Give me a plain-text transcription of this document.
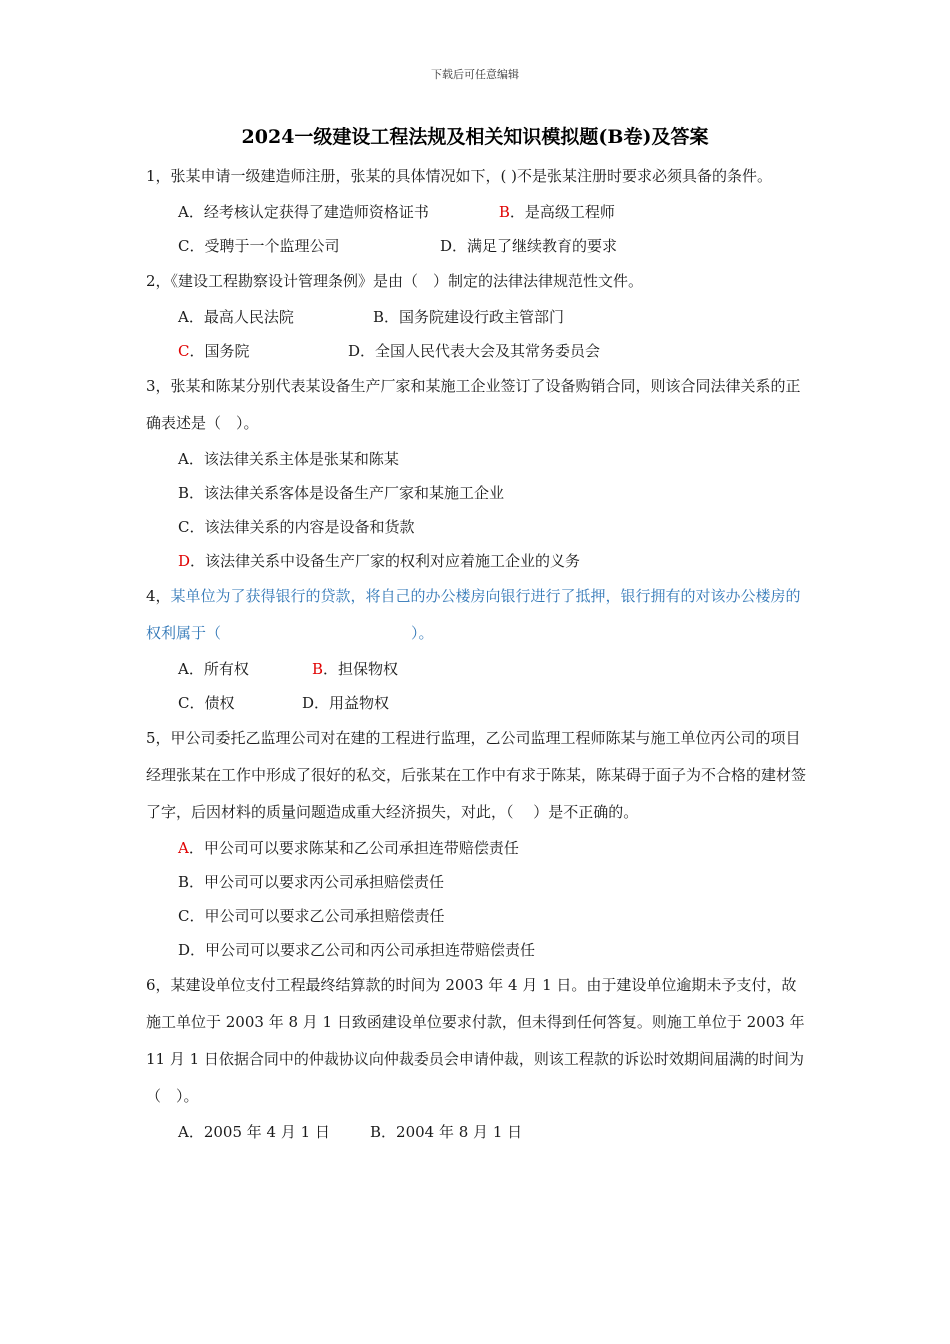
下载后可任意编辑
2024一级建设工程法规及相关知识模拟题(B卷)及答案

1，张某申请一级建造师注册，张某的具体情况如下，( )不是张某注册时要求必须具备的条件。

A．经考核认定获得了建造师资格证书	B．是高级工程师
C．受聘于一个监理公司	D．满足了继续教育的要求

2，《建设工程勘察设计管理条例》是由（　）制定的法律法律规范性文件。

A．最高人民法院	B．国务院建设行政主管部门
C．国务院	D．全国人民代表大会及其常务委员会

3，张某和陈某分别代表某设备生产厂家和某施工企业签订了设备购销合同，则该合同法律关系的正确表述是（　）。

A．该法律关系主体是张某和陈某
B．该法律关系客体是设备生产厂家和某施工企业
C．该法律关系的内容是设备和货款
D．该法律关系中设备生产厂家的权利对应着施工企业的义务

4，某单位为了获得银行的贷款，将自己的办公楼房向银行进行了抵押，银行拥有的对该办公楼房的权利属于（	）。

A．所有权	B．担保物权
C．债权	D．用益物权

5，甲公司委托乙监理公司对在建的工程进行监理，乙公司监理工程师陈某与施工单位丙公司的项目经理张某在工作中形成了很好的私交，后张某在工作中有求于陈某，陈某碍于面子为不合格的建材签了字，后因材料的质量问题造成重大经济损失，对此，（　 ）是不正确的。

A．甲公司可以要求陈某和乙公司承担连带赔偿责任
B．甲公司可以要求丙公司承担赔偿责任
C．甲公司可以要求乙公司承担赔偿责任
D．甲公司可以要求乙公司和丙公司承担连带赔偿责任

6，某建设单位支付工程最终结算款的时间为 2003 年 4 月 1 日。由于建设单位逾期未予支付，故施工单位于 2003 年 8 月 1 日致函建设单位要求付款，但未得到任何答复。则施工单位于 2003 年 11 月 1 日依据合同中的仲裁协议向仲裁委员会申请仲裁，则该工程款的诉讼时效期间届满的时间为（　）。

A．2005 年 4 月 1 日	B．2004 年 8 月 1 日
